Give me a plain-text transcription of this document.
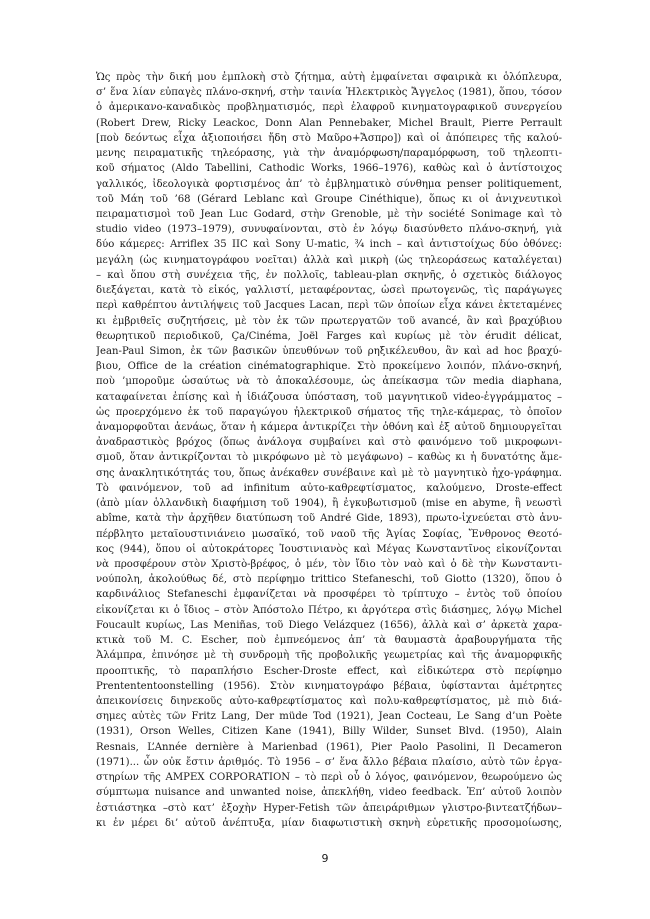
Ὡς πρὸς τὴν δική μου ἐμπλοκὴ στὸ ζήτημα, αὐτὴ ἐμφαίνεται σφαιρικὰ κι ὁλόπλευρα,
σ’ ἕνα λίαν εὐπαγὲς πλάνο-σκηνή, στὴν ταινία Ἠλεκτρικὸς Ἄγγελος (1981), ὅπου, τόσον
ὁ ἀμερικανο-καναδικὸς προβληματισμός, περὶ ἐλαφροῦ κινηματογραφικοῦ συνεργείου
(Robert Drew, Ricky Leackoc, Donn Alan Pennebaker, Michel Brault, Pierre Perrault
[ποὺ δεόντως εἶχα ἀξιοποιήσει ἤδη στὸ Μαῦρο+Ἄσπρο]) καὶ οἱ ἀπόπειρες τῆς καλού-
μενης πειραματικῆς τηλεόρασης, γιὰ τὴν ἀναμόρφωση/παραμόρφωση, τοῦ τηλεοπτι-
κοῦ σήματος (Aldo Tabellini, Cathodic Works, 1966–1976), καθὼς καὶ ὁ ἀντίστοιχος
γαλλικός, ἰδεολογικὰ φορτισμένος ἀπ’ τὸ ἐμβληματικὸ σύνθημα penser politiquement,
τοῦ Μάη τοῦ ’68 (Gérard Leblanc καὶ Groupe Cinéthique), ὅπως κι οἱ ἀνιχνευτικοὶ
πειραματισμοὶ τοῦ Jean Luc Godard, στὴν Grenoble, μὲ τὴν société Sonimage καὶ τὸ
studio video (1973–1979), συνυφαίνονται, στὸ ἐν λόγῳ διασύνθετο πλάνο-σκηνή, γιὰ
δύο κάμερες: Arriflex 35 IIC καὶ Sony U-matic, ¾ inch – καὶ ἀντιστοίχως δύο ὀθόνες:
μεγάλη (ὡς κινηματογράφου νοεῖται) ἀλλὰ καὶ μικρὴ (ὡς τηλεοράσεως καταλέγεται)
– καὶ ὅπου στὴ συνέχεια τῆς, ἐν πολλοῖς, tableau-plan σκηνῆς, ὁ σχετικὸς διάλογος
διεξάγεται, κατὰ τὸ εἰκός, γαλλιστί, μεταφέροντας, ὡσεὶ πρωτογενῶς, τὶς παράγωγες
περὶ καθρέπτου ἀντιλήψεις τοῦ Jacques Lacan, περὶ τῶν ὁποίων εἶχα κάνει ἐκτεταμένες
κι ἐμβριθεῖς συζητήσεις, μὲ τὸν ἐκ τῶν πρωτεργατῶν τοῦ avancé, ἂν καὶ βραχύβιου
θεωρητικοῦ περιοδικοῦ, Ça/Cinéma, Joël Farges καὶ κυρίως μὲ τὸν érudit délicat,
Jean-Paul Simon, ἐκ τῶν βασικῶν ὑπευθύνων τοῦ ρηξικέλευθου, ἂν καὶ ad hoc βραχύ-
βιου, Office de la création cinématographique. Στὸ προκείμενο λοιπόν, πλάνο-σκηνή,
ποὺ ’μποροῦμε ὡσαύτως νὰ τὸ ἀποκαλέσουμε, ὡς ἀπείκασμα τῶν media diaphana,
καταφαίνεται ἐπίσης καὶ ἡ ἰδιάζουσα ὑπόσταση, τοῦ μαγνητικοῦ video-ἐγγράμματος –
ὡς προερχόμενο ἐκ τοῦ παραγώγου ἠλεκτρικοῦ σήματος τῆς τηλε-κάμερας, τὸ ὁποῖον
ἀναμορφοῦται ἀενάως, ὅταν ἡ κάμερα ἀντικρίζει τὴν ὀθόνη καὶ ἐξ αὐτοῦ δημιουργεῖται
ἀναδραστικὸς βρόχος (ὅπως ἀνάλογα συμβαίνει καὶ στὸ φαινόμενο τοῦ μικροφωνι-
σμοῦ, ὅταν ἀντικρίζονται τὸ μικρόφωνο μὲ τὸ μεγάφωνο) – καθὼς κι ἡ δυνατότης ἄμε-
σης ἀνακλητικότητάς του, ὅπως ἀνέκαθεν συνέβαινε καὶ μὲ τὸ μαγνητικὸ ἠχο-γράφημα.
Τὸ φαινόμενον, τοῦ ad infinitum αὐτο-καθρεφτίσματος, καλούμενο, Droste-effect
(ἀπὸ μίαν ὁλλανδικὴ διαφήμιση τοῦ 1904), ἢ ἐγκυβωτισμοῦ (mise en abyme, ἢ νεωστὶ
abîme, κατὰ τὴν ἀρχῆθεν διατύπωση τοῦ André Gide, 1893), πρωτο-ἰχνεύεται στὸ ἀνυ-
πέρβλητο μεταϊουστινιάνειο μωσαϊκό, τοῦ ναοῦ τῆς Ἁγίας Σοφίας, Ἔνθρονος Θεοτό-
κος (944), ὅπου οἱ αὐτοκράτορες Ἰουστινιανὸς καὶ Μέγας Κωνσταντῖνος εἰκονίζονται
νὰ προσφέρουν στὸν Χριστὸ-βρέφος, ὁ μέν, τὸν ἴδιο τὸν ναὸ καὶ ὁ δὲ τὴν Κωνσταντι-
νούπολη, ἀκολούθως δέ, στὸ περίφημο trittico Stefaneschi, τοῦ Giotto (1320), ὅπου ὁ
καρδινάλιος Stefaneschi ἐμφανίζεται νὰ προσφέρει τὸ τρίπτυχο – ἐντὸς τοῦ ὁποίου
εἰκονίζεται κι ὁ ἴδιος – στὸν Ἀπόστολο Πέτρο, κι ἀργότερα στὶς διάσημες, λόγῳ Michel
Foucault κυρίως, Las Meniñas, τοῦ Diego Velázquez (1656), ἀλλὰ καὶ σ’ ἀρκετὰ χαρα-
κτικὰ τοῦ M. C. Escher, ποὺ ἐμπνεόμενος ἀπ’ τὰ θαυμαστὰ ἀραβουργήματα τῆς
Ἀλάμπρα, ἐπινόησε μὲ τὴ συνδρομὴ τῆς προβολικῆς γεωμετρίας καὶ τῆς ἀναμορφικῆς
προοπτικῆς, τὸ παραπλήσιο Escher-Droste effect, καὶ εἰδικώτερα στὸ περίφημο
Prentententoonstelling (1956). Στὸν κινηματογράφο βέβαια, ὑφίστανται ἀμέτρητες
ἀπεικονίσεις διηνεκοῦς αὐτο-καθρεφτίσματος καὶ πολυ-καθρεφτίσματος, μὲ πιὸ διά-
σημες αὐτὲς τῶν Fritz Lang, Der müde Tod (1921), Jean Cocteau, Le Sang d’un Poète
(1931), Orson Welles, Citizen Kane (1941), Billy Wilder, Sunset Blvd. (1950), Alain
Resnais, L’Année dernière à Marienbad (1961), Pier Paolo Pasolini, Il Decameron
(1971)... ὧν οὐκ ἔστιν ἀριθμός. Τὸ 1956 – σ’ ἕνα ἄλλο βέβαια πλαίσιο, αὐτὸ τῶν ἐργα-
στηρίων τῆς AMPEX CORPORATION – τὸ περὶ οὗ ὁ λόγος, φαινόμενον, θεωρούμενο ὡς
σύμπτωμα nuisance and unwanted noise, ἀπεκλήθη, video feedback. Ἐπ’ αὐτοῦ λοιπὸν
ἑστιάστηκα –στὸ κατ’ ἐξοχὴν Hyper-Fetish τῶν ἀπειράριθμων γλιστρο-βιντεατζήδων–
κι ἐν μέρει δι’ αὐτοῦ ἀνέπτυξα, μίαν διαφωτιστικὴ σκηνὴ εὑρετικῆς προσομοίωσης,
9
